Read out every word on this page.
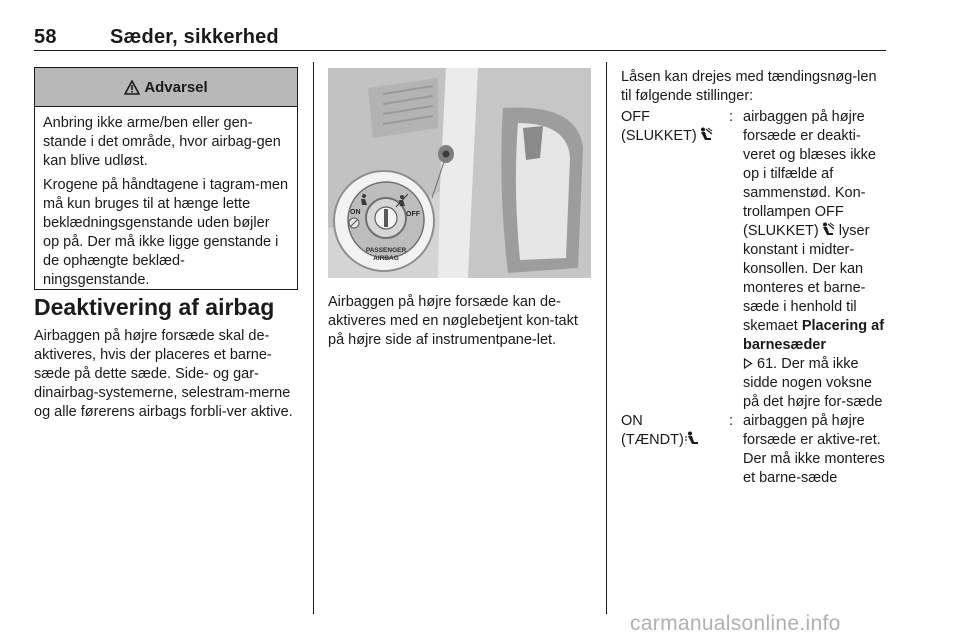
58	Sæder, sikkerhed
Advarsel

Anbring ikke arme/ben eller gen-stande i det område, hvor airbag-gen kan blive udløst.

Krogene på håndtagene i tagram-men må kun bruges til at hænge lette beklædningsgenstande uden bøjler op på. Der må ikke ligge genstande i de ophængte beklæd-ningsgenstande.

Deaktivering af airbag

Airbaggen på højre forsæde skal de-aktiveres, hvis der placeres et barne-sæde på dette sæde. Side- og gar-dinairbag-systemerne, selestram-merne og alle førerens airbags forbli-ver aktive.

ON	OFF
PASSENGER
AIRBAG

Airbaggen på højre forsæde kan de-aktiveres med en nøglebetjent kon-takt på højre side af instrumentpane-let.

Låsen kan drejes med tændingsnøg-len til følgende stillinger:

OFF
(SLUKKET)
: airbaggen på højre forsæde er deakti-veret og blæses ikke op i tilfælde af sammenstød. Kon-trollampen OFF (SLUKKET) lyser konstant i midter-konsollen. Der kan monteres et barne-sæde i henhold til skemaet Placering af barnesæder
61. Der må ikke sidde nogen voksne på det højre for-sæde
ON
(TÆNDT)
: airbaggen på højre forsæde er aktive-ret. Der må ikke monteres et barne-sæde
carmanualsonline.info
